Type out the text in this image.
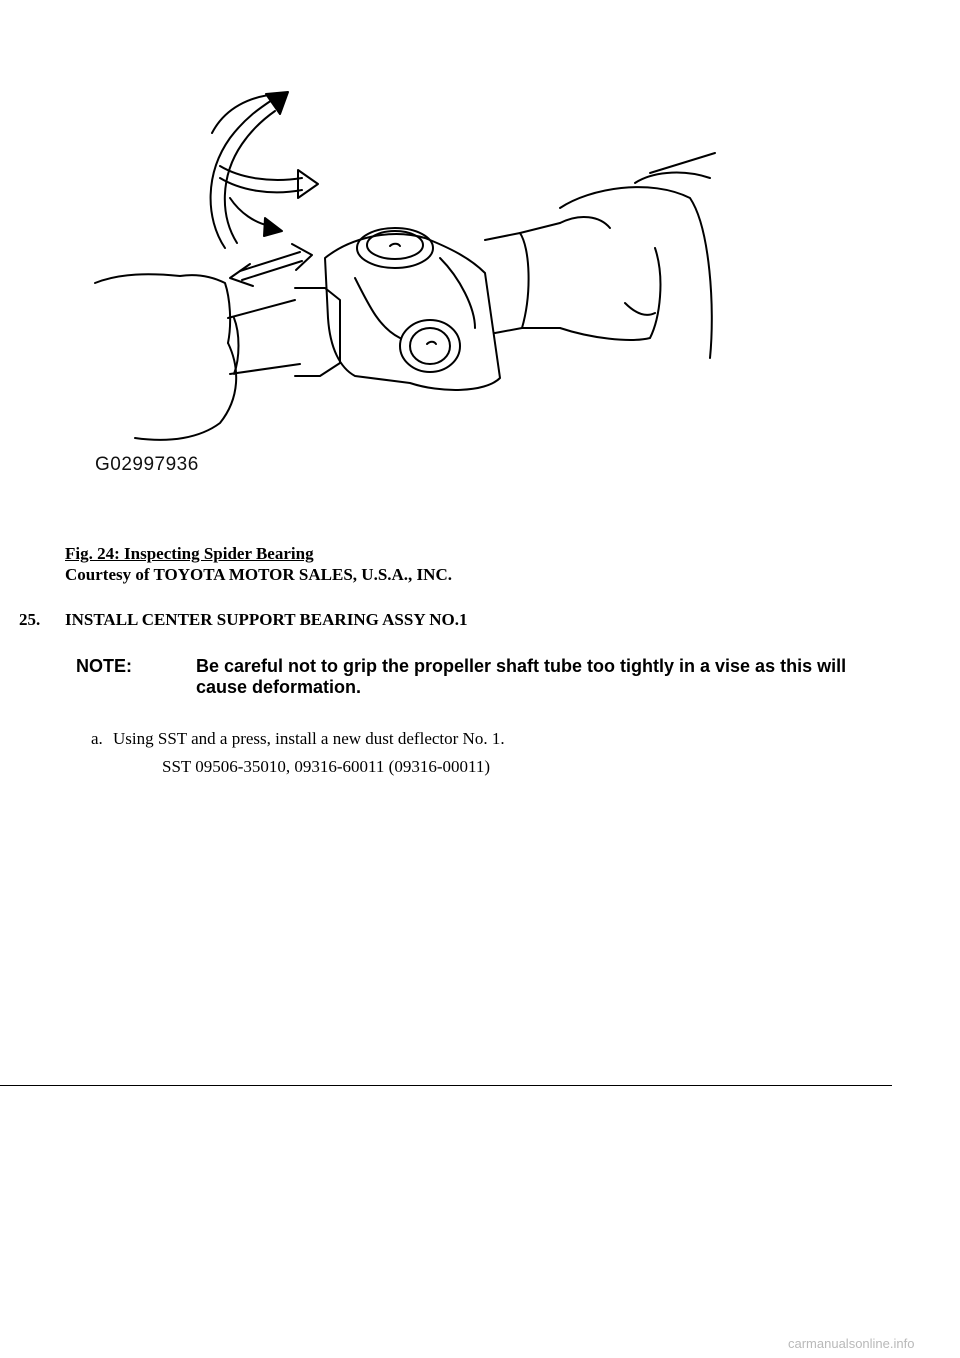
G02997936
Fig. 24: Inspecting Spider Bearing
Courtesy of TOYOTA MOTOR SALES, U.S.A., INC.
25. INSTALL CENTER SUPPORT BEARING ASSY NO.1
NOTE:	Be careful not to grip the propeller shaft tube too tightly in a vise as this will cause deformation.
a. Using SST and a press, install a new dust deflector No. 1.
SST 09506-35010, 09316-60011 (09316-00011)
carmanualsonline.info
